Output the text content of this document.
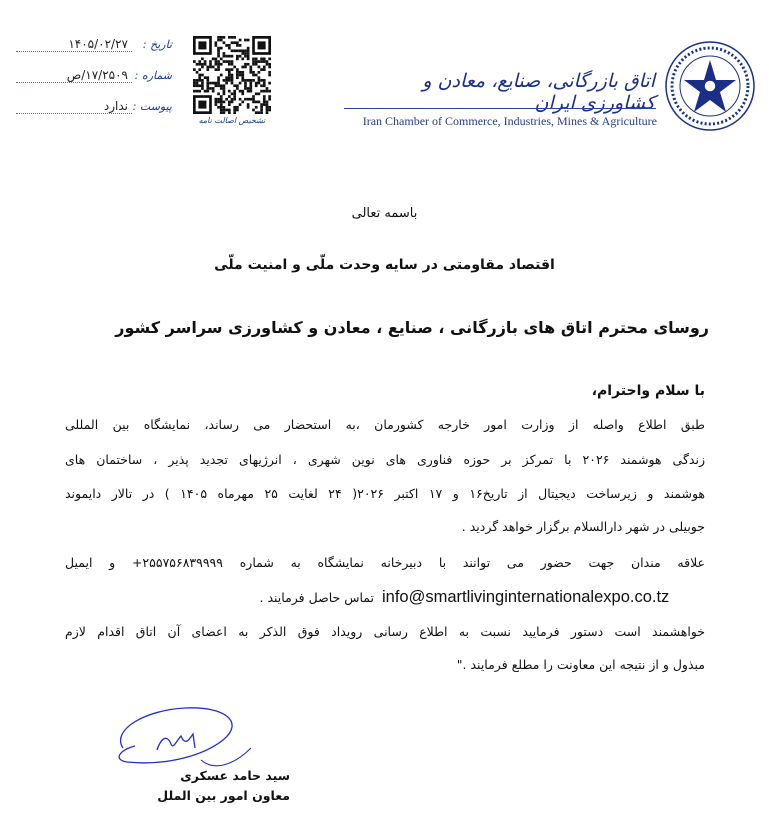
تاریخ :
۱۴۰۵/۰۲/۲۷
شماره :
۱۷/۲۵۰۹/ص
پیوست :
ندارد
تشخیص اصالت نامه
اتاق بازرگانی، صنایع، معادن و کشاورزی ایران
Iran Chamber of Commerce, Industries, Mines & Agriculture
باسمه تعالی
اقتصاد مقاومتی در سایه وحدت ملّی و امنیت ملّی
روسای محترم اتاق های بازرگانی ، صنایع ، معادن و کشاورزی سراسر کشور
با سلام واحترام،
طبق اطلاع واصله از وزارت امور خارجه کشورمان ،به استحضار می رساند، نمایشگاه بین المللی
زندگی هوشمند ۲۰۲۶ با تمرکز بر حوزه فناوری های نوین شهری ، انرژیهای تجدید پذیر ، ساختمان های
هوشمند و زیرساخت دیجیتال از تاریخ۱۶ و ۱۷ اکتبر ۲۰۲۶( ۲۴ لغایت ۲۵ مهرماه ۱۴۰۵ ) در تالار دایموند
جوبیلی در شهر دارالسلام برگزار خواهد گردید .
علاقه مندان جهت حضور می توانند با دبیرخانه نمایشگاه به شماره ۲۵۵۷۵۶۸۳۹۹۹۹+ و ایمیل
تماس حاصل فرمایند . info@smartlivinginternationalexpo.co.tz
خواهشمند است دستور فرمایید نسبت به اطلاع رسانی رویداد فوق الذکر به اعضای آن اتاق اقدام لازم
مبذول و از نتیجه این معاونت را مطلع فرمایند ."
سید حامد عسکری
معاون امور بین الملل
